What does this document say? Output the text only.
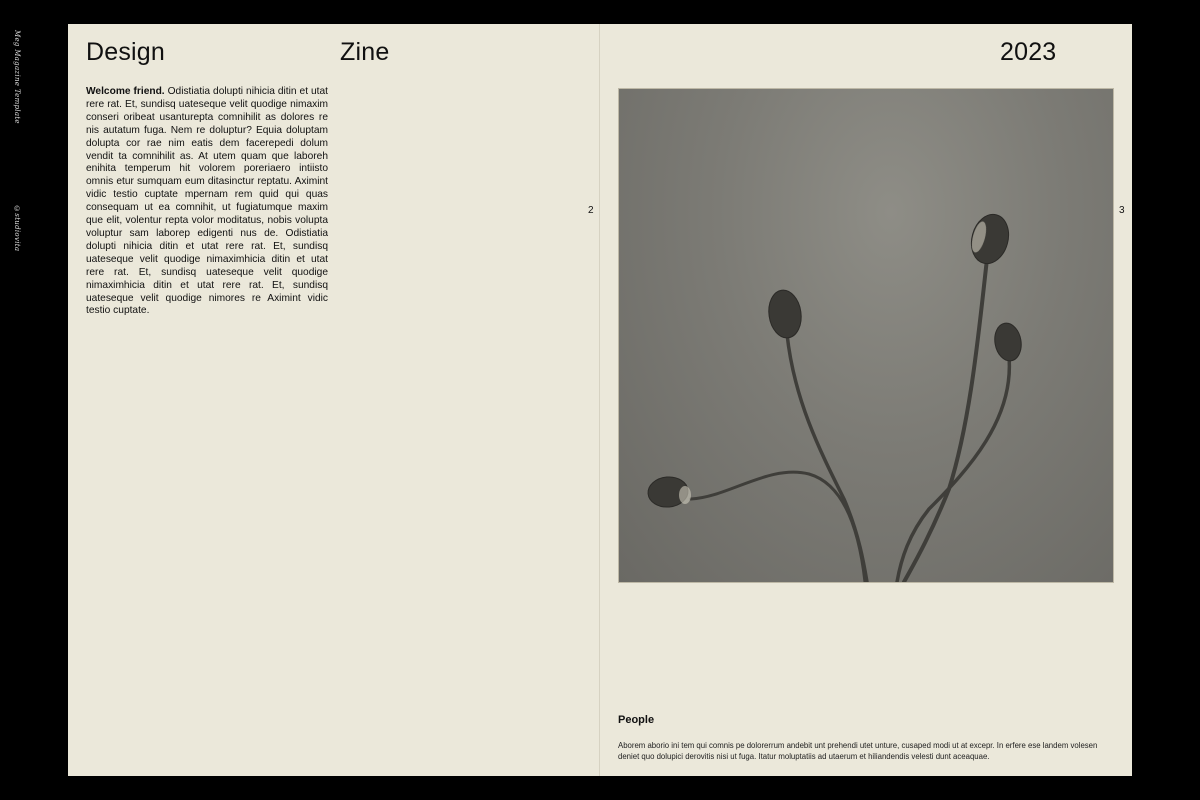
Meg Magazine Template
©studiovita
Design	Zine	2023
Welcome friend. Odistiatia dolupti nihicia ditin et utat rere rat. Et, sundisq uateseque velit quodige nimaxim conseri oribeat usanturepta comnihilit as dolores re nis autatum fuga. Nem re doluptur? Equia doluptam dolupta cor rae nim eatis dem facerepedi dolum vendit ta comnihilit as. At utem quam que laboreh enihita temperum hit volorem poreriaero intiisto omnis etur sumquam eum ditasinctur reptatu. Aximint vidic testio cuptate mpernam rem quid qui quas consequam ut ea comnihit, ut fugiatumque maxim que elit, volentur repta volor moditatus, nobis volupta voluptur sam laborep edigenti nus de. Odistiatia dolupti nihicia ditin et utat rere rat. Et, sundisq uateseque velit quodige nimaximhicia ditin et utat rere rat. Et, sundisq uateseque velit quodige nimaximhicia ditin et utat rere rat. Et, sundisq uateseque velit quodige nimores re Aximint vidic testio cuptate.
2	3
People
Aborem aborio ini tem qui comnis pe dolorerrum andebit unt prehendi utet unture, cusaped modi ut at excepr. In erfere ese landem volesen deniet quo dolupici derovitis nisi ut fuga. Itatur moluptatiis ad utaerum et hiliandendis velesti dunt aceaquae.
